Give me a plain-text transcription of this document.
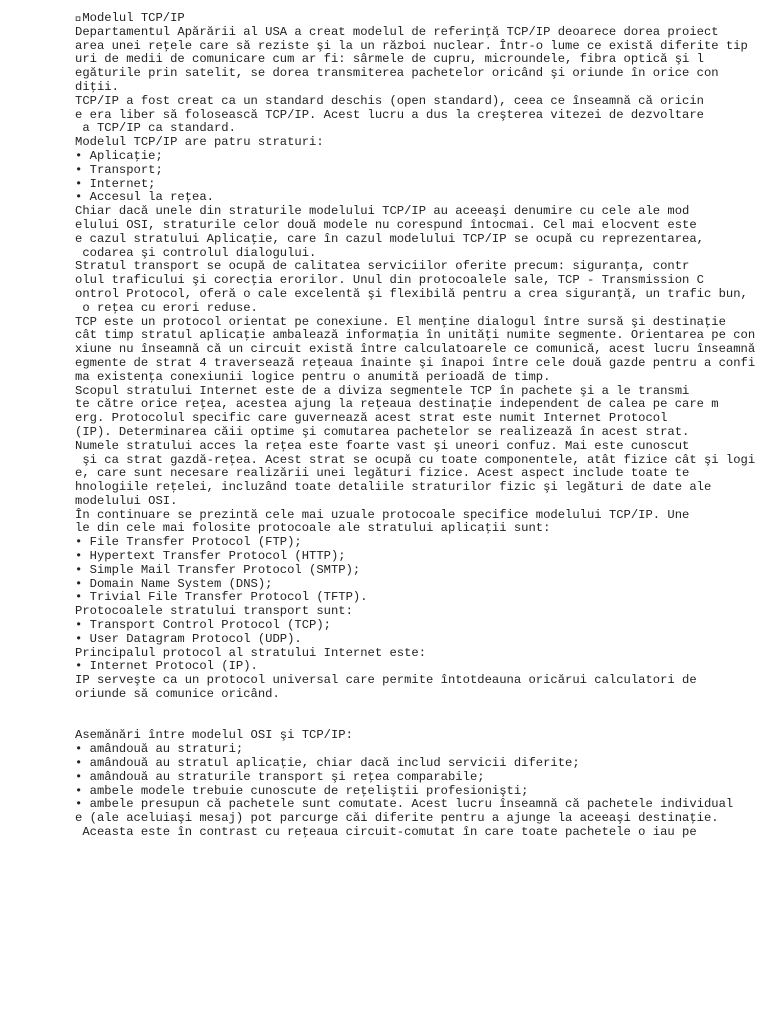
Modelul TCP/IP
Departamentul Apărării al USA a creat modelul de referinţă TCP/IP deoarece dorea proiect
area unei reţele care să reziste şi la un război nuclear. Într-o lume ce există diferite tip
uri de medii de comunicare cum ar fi: sârmele de cupru, microundele, fibra optică şi l
egăturile prin satelit, se dorea transmiterea pachetelor oricând şi oriunde în orice con
diţii.
TCP/IP a fost creat ca un standard deschis (open standard), ceea ce înseamnă că oricin
e era liber să folosească TCP/IP. Acest lucru a dus la creşterea vitezei de dezvoltare
a TCP/IP ca standard.
Modelul TCP/IP are patru straturi:
• Aplicaţie;
• Transport;
• Internet;
• Accesul la reţea.
Chiar dacă unele din straturile modelului TCP/IP au aceeaşi denumire cu cele ale mod
elului OSI, straturile celor două modele nu corespund întocmai. Cel mai elocvent este
e cazul stratului Aplicaţie, care în cazul modelului TCP/IP se ocupă cu reprezentarea,
codarea şi controlul dialogului.
Stratul transport se ocupă de calitatea serviciilor oferite precum: siguranţa, contr
olul traficului şi corecţia erorilor. Unul din protocoalele sale, TCP - Transmission C
ontrol Protocol, oferă o cale excelentă şi flexibilă pentru a crea siguranţă, un trafic bun,
o reţea cu erori reduse.
TCP este un protocol orientat pe conexiune. El menţine dialogul între sursă şi destinaţie
cât timp stratul aplicaţie ambalează informaţia în unităţi numite segmente. Orientarea pe con
xiune nu înseamnă că un circuit există între calculatoarele ce comunică, acest lucru înseamnă
egmente de strat 4 traversează reţeaua înainte şi înapoi între cele două gazde pentru a confi
ma existenţa conexiunii logice pentru o anumită perioadă de timp.
Scopul stratului Internet este de a diviza segmentele TCP în pachete şi a le transmi
te către orice reţea, acestea ajung la reţeaua destinaţie independent de calea pe care m
erg. Protocolul specific care guvernează acest strat este numit Internet Protocol
(IP). Determinarea căii optime şi comutarea pachetelor se realizează în acest strat.
Numele stratului acces la reţea este foarte vast şi uneori confuz. Mai este cunoscut
şi ca strat gazdă-reţea. Acest strat se ocupă cu toate componentele, atât fizice cât şi logi
e, care sunt necesare realizării unei legături fizice. Acest aspect include toate te
hnologiile reţelei, incluzând toate detaliile straturilor fizic şi legături de date ale
modelului OSI.
În continuare se prezintă cele mai uzuale protocoale specifice modelului TCP/IP. Une
le din cele mai folosite protocoale ale stratului aplicaţii sunt:
• File Transfer Protocol (FTP);
• Hypertext Transfer Protocol (HTTP);
• Simple Mail Transfer Protocol (SMTP);
• Domain Name System (DNS);
• Trivial File Transfer Protocol (TFTP).
Protocoalele stratului transport sunt:
• Transport Control Protocol (TCP);
• User Datagram Protocol (UDP).
Principalul protocol al stratului Internet este:
• Internet Protocol (IP).
IP serveşte ca un protocol universal care permite întotdeauna oricărui calculatori de
oriunde să comunice oricând.
Asemănări între modelul OSI şi TCP/IP:
• amândouă au straturi;
• amândouă au stratul aplicaţie, chiar dacă includ servicii diferite;
• amândouă au straturile transport şi reţea comparabile;
• ambele modele trebuie cunoscute de reţeliştii profesionişti;
• ambele presupun că pachetele sunt comutate. Acest lucru înseamnă că pachetele individual
e (ale aceluiaşi mesaj) pot parcurge căi diferite pentru a ajunge la aceeaşi destinaţie.
Aceasta este în contrast cu reţeaua circuit-comutat în care toate pachetele o iau pe
